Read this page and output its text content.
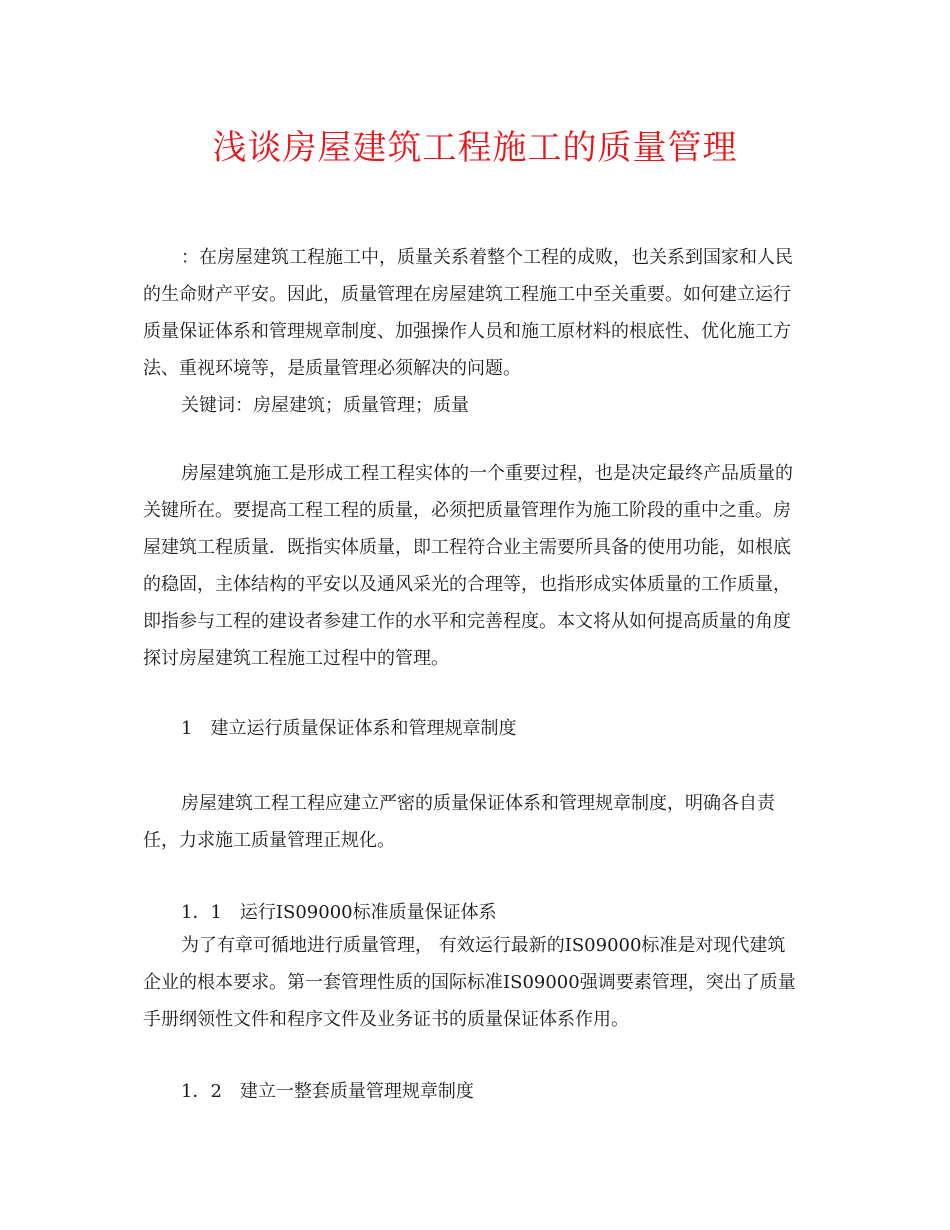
浅谈房屋建筑工程施工的质量管理

：在房屋建筑工程施工中，质量关系着整个工程的成败，也关系到国家和人民的生命财产平安。因此，质量管理在房屋建筑工程施工中至关重要。如何建立运行质量保证体系和管理规章制度、加强操作人员和施工原材料的根底性、优化施工方法、重视环境等，是质量管理必须解决的问题。

关键词：房屋建筑；质量管理；质量

房屋建筑施工是形成工程工程实体的一个重要过程，也是决定最终产品质量的关键所在。要提高工程工程的质量，必须把质量管理作为施工阶段的重中之重。房屋建筑工程质量．既指实体质量，即工程符合业主需要所具备的使用功能，如根底的稳固，主体结构的平安以及通风采光的合理等，也指形成实体质量的工作质量，即指参与工程的建设者参建工作的水平和完善程度。本文将从如何提高质量的角度探讨房屋建筑工程施工过程中的管理。

1　建立运行质量保证体系和管理规章制度

房屋建筑工程工程应建立严密的质量保证体系和管理规章制度，明确各自责任，力求施工质量管理正规化。

1．1　运行IS09000标准质量保证体系

为了有章可循地进行质量管理， 有效运行最新的IS09000标准是对现代建筑企业的根本要求。第一套管理性质的国际标准IS09000强调要素管理，突出了质量手册纲领性文件和程序文件及业务证书的质量保证体系作用。

1．2　建立一整套质量管理规章制度
